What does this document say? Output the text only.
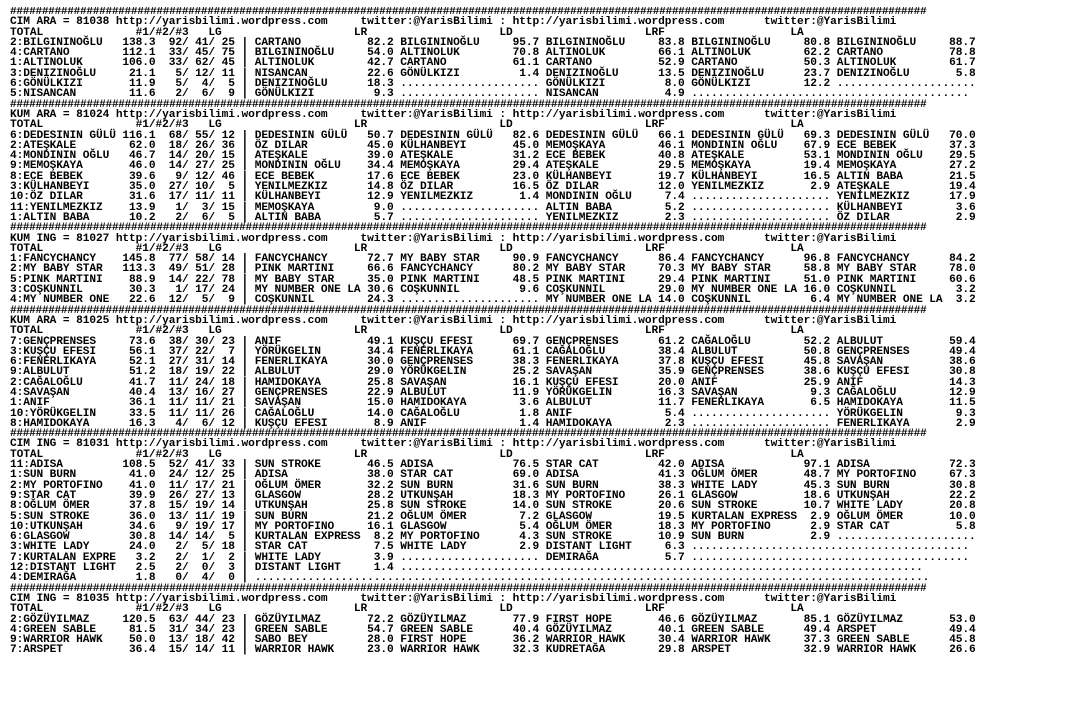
################################################################################################################################################
CIM ARA = 81038 http://yarisbilimi.wordpress.com     twitter:@YarisBilimi : http://yarisbilimi.wordpress.com      twitter:@YarisBilimi
TOTAL              #1/#2/#3   LG                    LR                    LD                    LRF                   LA
2:BILGININOĞLU   138.3  92/ 41/ 25 | CARTANO          82.2 BILGININOĞLU     95.7 BILGININOĞLU     83.8 BILGININOĞLU     80.8 BILGININOĞLU     88.7
4:CARTANO        112.1  33/ 45/ 75 | BILGININOĞLU     54.0 ALTINOLUK        70.8 ALTINOLUK        66.1 ALTINOLUK        62.2 CARTANO          78.8
1:ALTINOLUK      106.0  33/ 62/ 45 | ALTINOLUK        42.7 CARTANO          61.1 CARTANO          52.9 CARTANO          50.3 ALTINOLUK        61.7
3:DENIZINOĞLU     21.1   5/ 12/ 11 | NISANCAN         22.6 GÖNÜLKIZI         1.4 DENIZINOĞLU      13.5 DENIZINOĞLU      23.7 DENIZINOĞLU       5.8
6:GÖNÜLKIZI       11.9   5/  4/  5 | DENIZINOĞLU      18.3 ..................... GÖNÜLKIZI         8.0 GÖNÜLKIZI        12.2 .....................
5:NISANCAN        11.6   2/  6/  9 | GÖNÜLKIZI         9.3 ..................... NISANCAN          4.9 ..........................................
################################################################################################################################################
KUM ARA = 81024 http://yarisbilimi.wordpress.com     twitter:@YarisBilimi : http://yarisbilimi.wordpress.com      twitter:@YarisBilimi
TOTAL              #1/#2/#3   LG                    LR                    LD                    LRF                   LA
6:DEDESININ GÜLÜ 116.1  68/ 55/ 12 | DEDESININ GÜLÜ   50.7 DEDESININ GÜLÜ   82.6 DEDESININ GÜLÜ   66.1 DEDESININ GÜLÜ   69.3 DEDESININ GÜLÜ   70.0
2:ATEŞKALE        62.0  18/ 26/ 36 | ÖZ DILAR         45.0 KÜLHANBEYI       45.0 MEMOŞKAYA        46.1 MONDININ OĞLU    67.9 ECE BEBEK        37.3
4:MONDININ OĞLU   46.7  14/ 20/ 15 | ATEŞKALE         39.0 ATEŞKALE         31.2 ECE BEBEK        40.8 ATEŞKALE         53.1 MONDININ OĞLU    29.5
9:MEMOŞKAYA       46.0  14/ 27/ 25 | MONDININ OĞLU    34.4 MEMOŞKAYA        29.4 ATEŞKALE         29.5 MEMOŞKAYA        19.4 MEMOŞKAYA        27.2
8:ECE BEBEK       39.6   9/ 12/ 46 | ECE BEBEK        17.6 ECE BEBEK        23.0 KÜLHANBEYI       19.7 KÜLHANBEYI       16.5 ALTIN BABA       21.5
3:KÜLHANBEYI      35.0  27/ 10/  5 | YENILMEZKIZ      14.8 ÖZ DILAR         16.5 ÖZ DILAR         12.0 YENILMEZKIZ       2.9 ATEŞKALE         19.4
10:ÖZ DILAR       31.6  17/ 11/ 11 | KÜLHANBEYI       12.9 YENILMEZKIZ       1.4 MONDININ OĞLU     7.4 ..................... YENILMEZKIZ      17.9
11:YENILMEZKIZ    13.9   1/  3/ 15 | MEMOŞKAYA         9.0 ..................... ALTIN BABA        5.2 ..................... KÜLHANBEYI        3.6
1:ALTIN BABA      10.2   2/  6/  5 | ALTIN BABA        5.7 ..................... YENILMEZKIZ       2.3 ..................... ÖZ DILAR          2.9
################################################################################################################################################
KUM ING = 81027 http://yarisbilimi.wordpress.com     twitter:@YarisBilimi : http://yarisbilimi.wordpress.com      twitter:@YarisBilimi
TOTAL              #1/#2/#3   LG                    LR                    LD                    LRF                   LA
1:FANCYCHANCY    145.8  77/ 58/ 14 | FANCYCHANCY      72.7 MY BABY STAR     90.9 FANCYCHANCY      86.4 FANCYCHANCY      96.8 FANCYCHANCY      84.2
2:MY BABY STAR   113.3  49/ 51/ 28 | PINK MARTINI     66.6 FANCYCHANCY      80.2 MY BABY STAR     70.3 MY BABY STAR     58.8 MY BABY STAR     78.0
5:PINK MARTINI    88.9  14/ 22/ 78 | MY BABY STAR     35.0 PINK MARTINI     48.5 PINK MARTINI     29.4 PINK MARTINI     51.0 PINK MARTINI     60.6
3:COŞKUNNIL       30.3   1/ 17/ 24 | MY NUMBER ONE LA 30.6 COŞKUNNIL         9.6 COŞKUNNIL        29.0 MY NUMBER ONE LA 16.0 COŞKUNNIL         3.2
4:MY NUMBER ONE   22.6  12/  5/  9 | COŞKUNNIL        24.3 ..................... MY NUMBER ONE LA 14.0 COŞKUNNIL         6.4 MY NUMBER ONE LA  3.2
################################################################################################################################################
KUM ARA = 81025 http://yarisbilimi.wordpress.com     twitter:@YarisBilimi : http://yarisbilimi.wordpress.com      twitter:@YarisBilimi
TOTAL              #1/#2/#3   LG                    LR                    LD                    LRF                   LA
7:GENÇPRENSES     73.6  38/ 30/ 23 | ANIF             49.1 KUŞÇU EFESI      69.7 GENÇPRENSES      61.2 CAĞALOĞLU        52.2 ALBULUT          59.4
3:KUŞÇU EFESI     56.1  37/ 22/  7 | YÖRÜKGELIN       34.4 FENERLIKAYA      61.1 CAĞALOĞLU        38.4 ALBULUT          50.8 GENÇPRENSES      49.4
6:FENERLIKAYA     52.1  27/ 31/ 14 | FENERLIKAYA      30.0 GENÇPRENSES      38.3 FENERLIKAYA      37.8 KUŞÇU EFESI      45.8 SAVAŞAN          38.6
9:ALBULUT         51.2  18/ 19/ 22 | ALBULUT          29.0 YÖRÜKGELIN       25.2 SAVAŞAN          35.9 GENÇPRENSES      38.6 KUŞÇU EFESI      30.8
2:CAĞALOĞLU       41.7  11/ 24/ 18 | HAMIDOKAYA       25.8 SAVAŞAN          16.1 KUŞÇU EFESI      20.0 ANIF             25.9 ANIF             14.3
4:SAVAŞAN         40.4  13/ 16/ 27 | GENÇPRENSES      22.9 ALBULUT          11.9 YÖRÜKGELIN       16.3 SAVAŞAN           9.3 CAĞALOĞLU        12.9
1:ANIF            36.1  11/ 11/ 21 | SAVAŞAN          15.0 HAMIDOKAYA        3.6 ALBULUT          11.7 FENERLIKAYA       6.5 HAMIDOKAYA       11.5
10:YÖRÜKGELIN     33.5  11/ 11/ 26 | CAĞALOĞLU        14.0 CAĞALOĞLU         1.8 ANIF              5.4 ..................... YÖRÜKGELIN        9.3
8:HAMIDOKAYA      16.3   4/  6/ 12 | KUŞÇU EFESI       8.9 ANIF              1.4 HAMIDOKAYA        2.3 ..................... FENERLIKAYA       2.9
################################################################################################################################################
CIM ING = 81031 http://yarisbilimi.wordpress.com     twitter:@YarisBilimi : http://yarisbilimi.wordpress.com      twitter:@YarisBilimi
TOTAL              #1/#2/#3   LG                    LR                    LD                    LRF                   LA
11:ADISA         108.5  52/ 41/ 33 | SUN STROKE       46.5 ADISA            76.5 STAR CAT         42.0 ADISA            97.1 ADISA            72.3
1:SUN BURN        41.0  24/ 12/ 25 | ADISA            38.0 STAR CAT         69.0 ADISA            41.3 OĞLUM ÖMER       48.7 MY PORTOFINO     67.3
2:MY PORTOFINO    41.0  11/ 17/ 21 | OĞLUM ÖMER       32.2 SUN BURN         31.6 SUN BURN         38.3 WHITE LADY       45.3 SUN BURN         30.8
9:STAR CAT        39.9  26/ 27/ 13 | GLASGOW          28.2 UTKUNŞAH         18.3 MY PORTOFINO     26.1 GLASGOW          18.6 UTKUNŞAH         22.2
8:OĞLUM ÖMER      37.8  15/ 19/ 14 | UTKUNŞAH         25.8 SUN STROKE       14.0 SUN STROKE       20.6 SUN STROKE       10.7 WHITE LADY       20.8
5:SUN STROKE      36.0  13/ 11/ 19 | SUN BURN         21.2 OĞLUM ÖMER        7.2 GLASGOW          19.5 KURTALAN EXPRESS  2.9 OĞLUM ÖMER       10.0
10:UTKUNŞAH       34.6   9/ 19/ 17 | MY PORTOFINO     16.1 GLASGOW           5.4 OĞLUM ÖMER       18.3 MY PORTOFINO      2.9 STAR CAT          5.8
6:GLASGOW         30.8  14/ 14/  5 | KURTALAN EXPRESS  8.2 MY PORTOFINO      4.3 SUN STROKE       10.9 SUN BURN          2.9 .....................
3:WHITE LADY      24.0   2/  5/ 18 | STAR CAT          7.5 WHITE LADY        2.9 DISTANT LIGHT     6.3 ..........................................
7:KURTALAN EXPRE   3.2   2/  1/  2 | WHITE LADY        3.9 ..................... DEMIRAĞA          5.7 ..........................................
12:DISTANT LIGHT   2.5   2/  0/  3 | DISTANT LIGHT     1.4 ...............................................................................
4:DEMIRAĞA         1.8   0/  4/  0 | ......................................................................................................
################################################################################################################################################
CIM ING = 81035 http://yarisbilimi.wordpress.com     twitter:@YarisBilimi : http://yarisbilimi.wordpress.com      twitter:@YarisBilimi
TOTAL              #1/#2/#3   LG                    LR                    LD                    LRF                   LA
2:GÖZÜYILMAZ     120.5  63/ 44/ 23 | GÖZÜYILMAZ       72.2 GÖZÜYILMAZ       77.9 FIRST HOPE       46.6 GÖZÜYILMAZ       85.1 GÖZÜYILMAZ       53.0
4:GREEN SABLE     81.5  31/ 34/ 23 | GREEN SABLE      54.7 GREEN SABLE      40.4 GÖZÜYILMAZ       40.1 GREEN SABLE      49.4 ARSPET           49.4
9:WARRIOR HAWK    50.0  13/ 18/ 42 | SABO BEY         28.0 FIRST HOPE       36.2 WARRIOR HAWK     30.4 WARRIOR HAWK     37.3 GREEN SABLE      45.8
7:ARSPET          36.4  15/ 14/ 11 | WARRIOR HAWK     23.0 WARRIOR HAWK     32.3 KUDRETAĞA        29.8 ARSPET           32.9 WARRIOR HAWK     26.6
